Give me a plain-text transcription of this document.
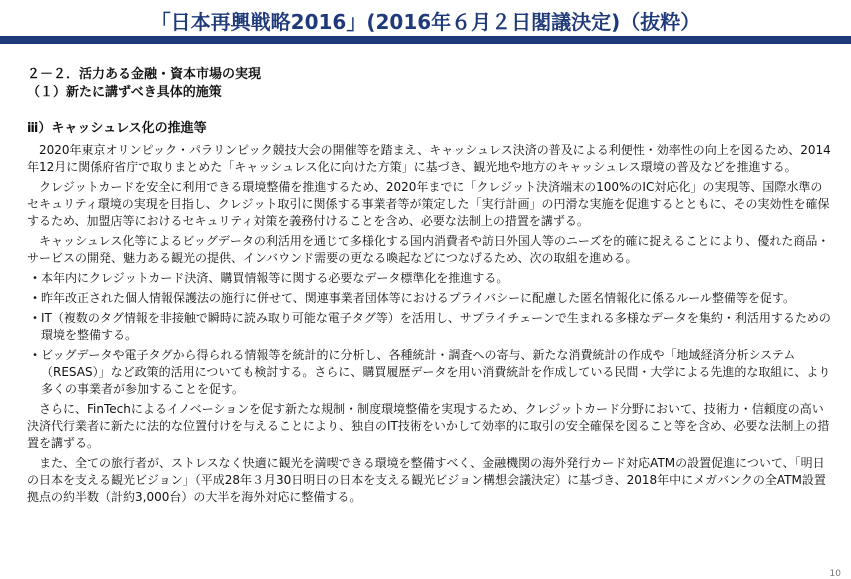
「日本再興戦略2016」(2016年６月２日閣議決定)（抜粋）

２－２．活力ある金融・資本市場の実現

（１）新たに講ずべき具体的施策

ⅲ）キャッシュレス化の推進等

2020年東京オリンピック・パラリンピック競技大会の開催等を踏まえ、キャッシュレス決済の普及による利便性・効率性の向上を図るため、2014年12月に関係府省庁で取りまとめた「キャッシュレス化に向けた方策」に基づき、観光地や地方のキャッシュレス環境の普及などを推進する。

クレジットカードを安全に利用できる環境整備を推進するため、2020年までに「クレジット決済端末の100%のIC対応化」の実現等、国際水準のセキュリティ環境の実現を目指し、クレジット取引に関係する事業者等が策定した「実行計画」の円滑な実施を促進するとともに、その実効性を確保するため、加盟店等におけるセキュリティ対策を義務付けることを含め、必要な法制上の措置を講ずる。

キャッシュレス化等によるビッグデータの利活用を通じて多様化する国内消費者や訪日外国人等のニーズを的確に捉えることにより、優れた商品・サービスの開発、魅力ある観光の提供、インバウンド需要の更なる喚起などにつなげるため、次の取組を進める。

・ 本年内にクレジットカード決済、購買情報等に関する必要なデータ標準化を推進する。
・ 昨年改正された個人情報保護法の施行に併せて、関連事業者団体等におけるプライバシーに配慮した匿名情報化に係るルール整備等を促す。
・ IT（複数のタグ情報を非接触で瞬時に読み取り可能な電子タグ等）を活用し、サプライチェーンで生まれる多様なデータを集約・利活用するための環境を整備する。
・ ビッグデータや電子タグから得られる情報等を統計的に分析し、各種統計・調査への寄与、新たな消費統計の作成や「地域経済分析システム（RESAS）」など政策的活用についても検討する。さらに、購買履歴データを用い消費統計を作成している民間・大学による先進的な取組に、より多くの事業者が参加することを促す。

さらに、FinTechによるイノベーションを促す新たな規制・制度環境整備を実現するため、クレジットカード分野において、技術力・信頼度の高い決済代行業者に新たに法的な位置付けを与えることにより、独自のIT技術をいかして効率的に取引の安全確保を図ること等を含め、必要な法制上の措置を講ずる。

また、全ての旅行者が、ストレスなく快適に観光を満喫できる環境を整備すべく、金融機関の海外発行カード対応ATMの設置促進について、「明日の日本を支える観光ビジョン」（平成28年３月30日明日の日本を支える観光ビジョン構想会議決定）に基づき、2018年中にメガバンクの全ATM設置拠点の約半数（計約3,000台）の大半を海外対応に整備する。

10
